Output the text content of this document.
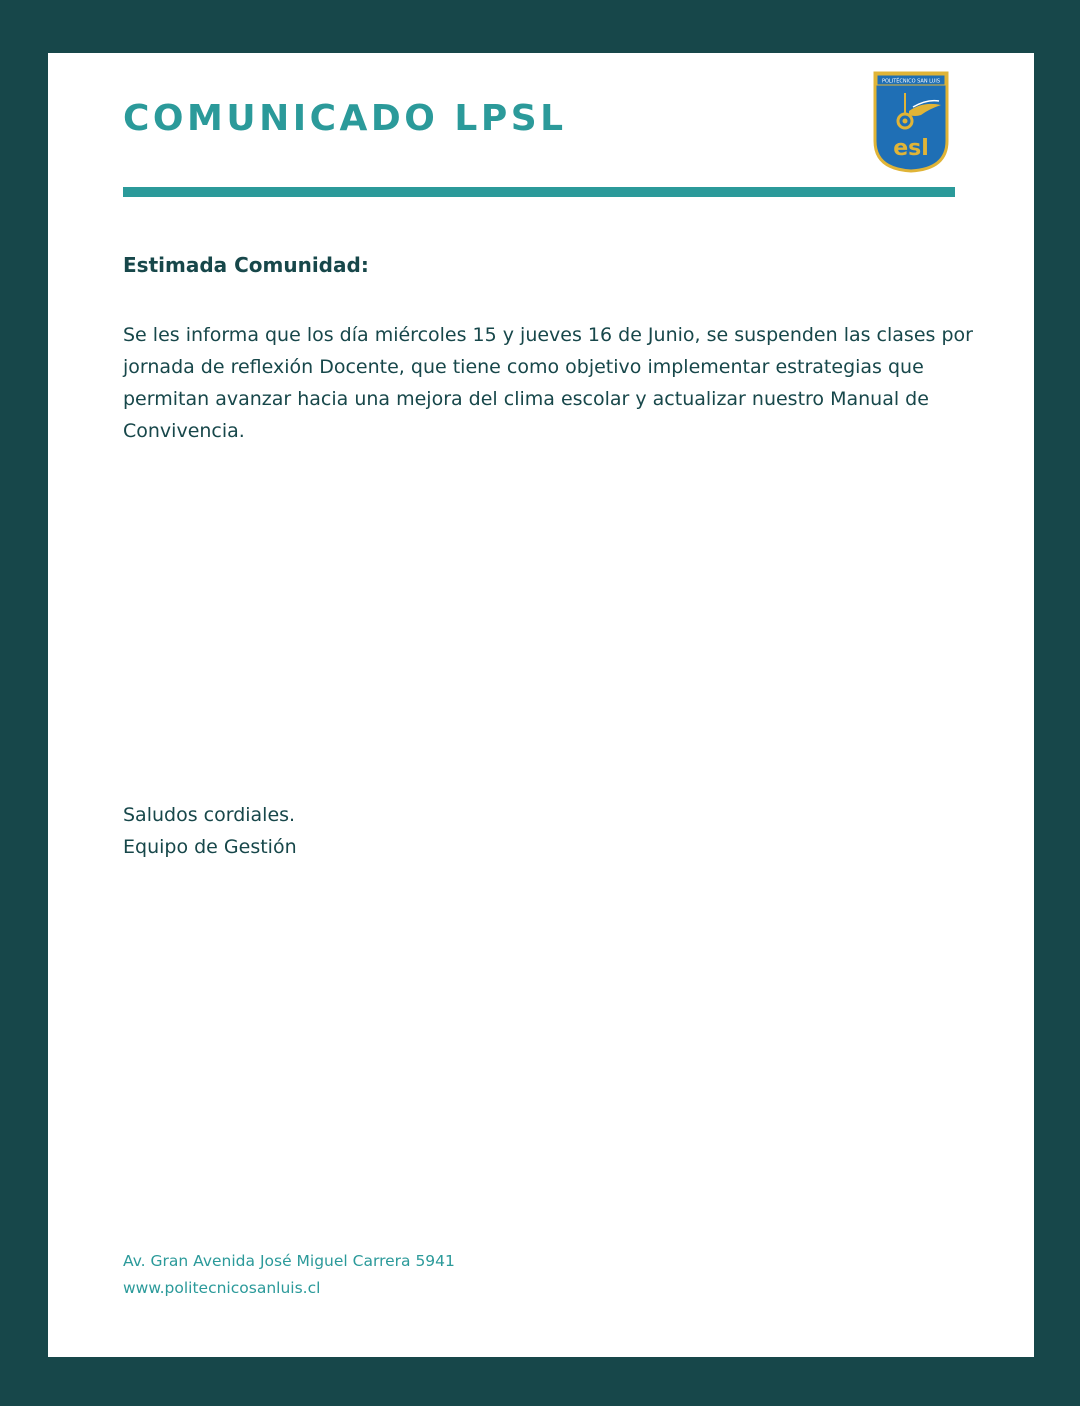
COMUNICADO LPSL
POLITÉCNICO SAN LUIS
esl

Estimada Comunidad:

Se les informa que los día miércoles 15 y jueves 16 de Junio, se suspenden las clases por jornada de reflexión Docente, que tiene como objetivo implementar estrategias que permitan avanzar hacia una mejora del clima escolar y actualizar nuestro Manual de Convivencia.

Saludos cordiales.
Equipo de Gestión

Av. Gran Avenida José Miguel Carrera 5941
www.politecnicosanluis.cl
